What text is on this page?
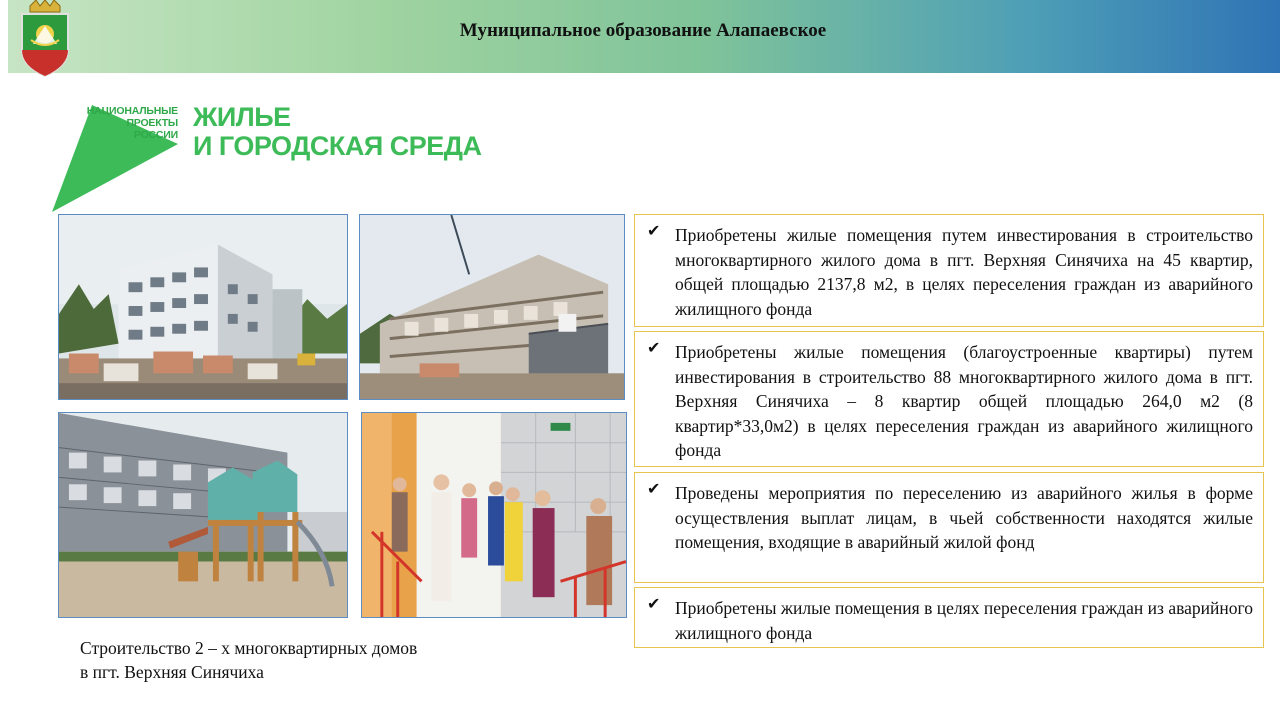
Муниципальное образование Алапаевское
НАЦИОНАЛЬНЫЕ
ПРОЕКТЫ
РОССИИ
ЖИЛЬЕ
И ГОРОДСКАЯ СРЕДА
Строительство 2 – х многоквартирных домов
в пгт. Верхняя Синячиха
✔ Приобретены жилые помещения путем инвестирования в строительство многоквартирного жилого дома в пгт. Верхняя Синячиха на 45 квартир, общей площадью 2137,8 м2, в целях переселения граждан из аварийного жилищного фонда
✔ Приобретены жилые помещения (благоустроенные квартиры) путем инвестирования в строительство 88 многоквартирного жилого дома в пгт. Верхняя Синячиха – 8 квартир общей площадью 264,0 м2 (8 квартир*33,0м2) в целях переселения граждан из аварийного жилищного фонда
✔ Проведены мероприятия по переселению из аварийного жилья в форме осуществления выплат лицам, в чьей собственности находятся жилые помещения, входящие в аварийный жилой фонд
✔ Приобретены жилые помещения в целях переселения граждан из аварийного жилищного фонда
